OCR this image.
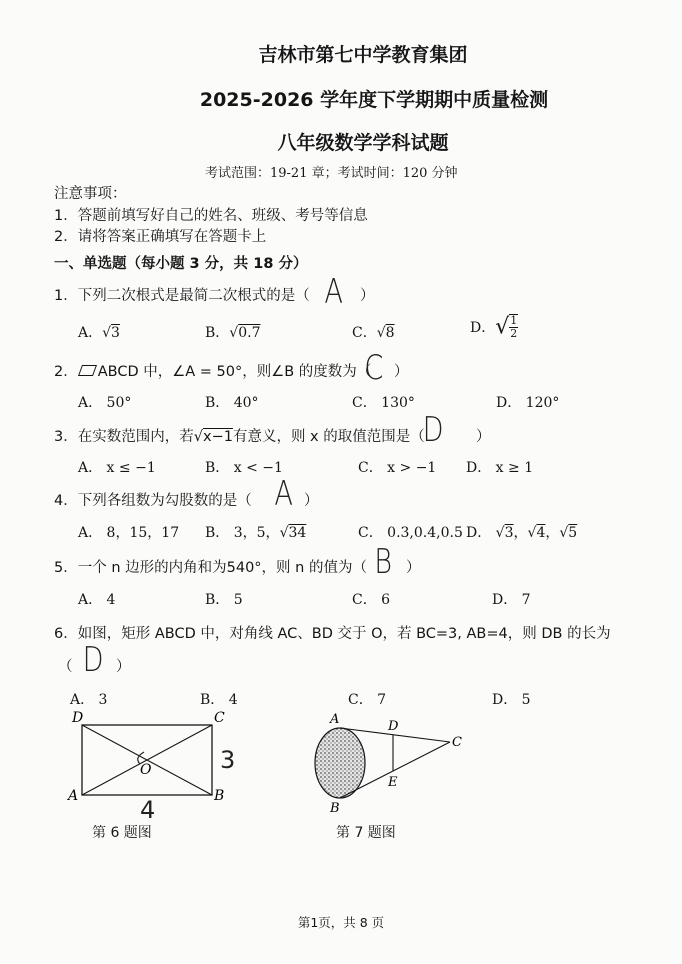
吉林市第七中学教育集团
2025-2026 学年度下学期期中质量检测
八年级数学学科试题
考试范围：19-21 章；考试时间：120 分钟
注意事项：
1．答题前填写好自己的姓名、班级、考号等信息
2．请将答案正确填写在答题卡上
一、单选题（每小题 3 分，共 18 分）
1．下列二次根式是最简二次根式的是（ A ）
A．√3	B．√0.7	C．√8	D．√ $\frac{1}{2}$
2． ABCD 中，∠A = 50°，则∠B 的度数为（
C ）
A． 50°	B． 40°	C． 130°	D． 120°
3．在实数范围内，若√x−1有意义，则 x 的取值范围是（
D ）
A． x ≤ −1	B． x < −1	C． x > −1 D． x ≥ 1
4．下列各组数为勾股数的是（ A ）
A． 8，15，17 B． 3，5，√34	C． 0.3,0.4,0.5 D． √3，√4，√5
5．一个 n 边形的内角和为540°，则 n 的值为（ B ）
A． 4	B． 5	C． 6	D． 7
6．如图，矩形 ABCD 中，对角线 AC、BD 交于 O，若 BC=3, AB=4，则 DB 的长为
（ D ）
A． 3	B． 4	C． 7	D． 5
D	C
A	B
O	3
4
第 6 题图
A	D
C
E
B
第 7 题图
第1页，共 8 页
